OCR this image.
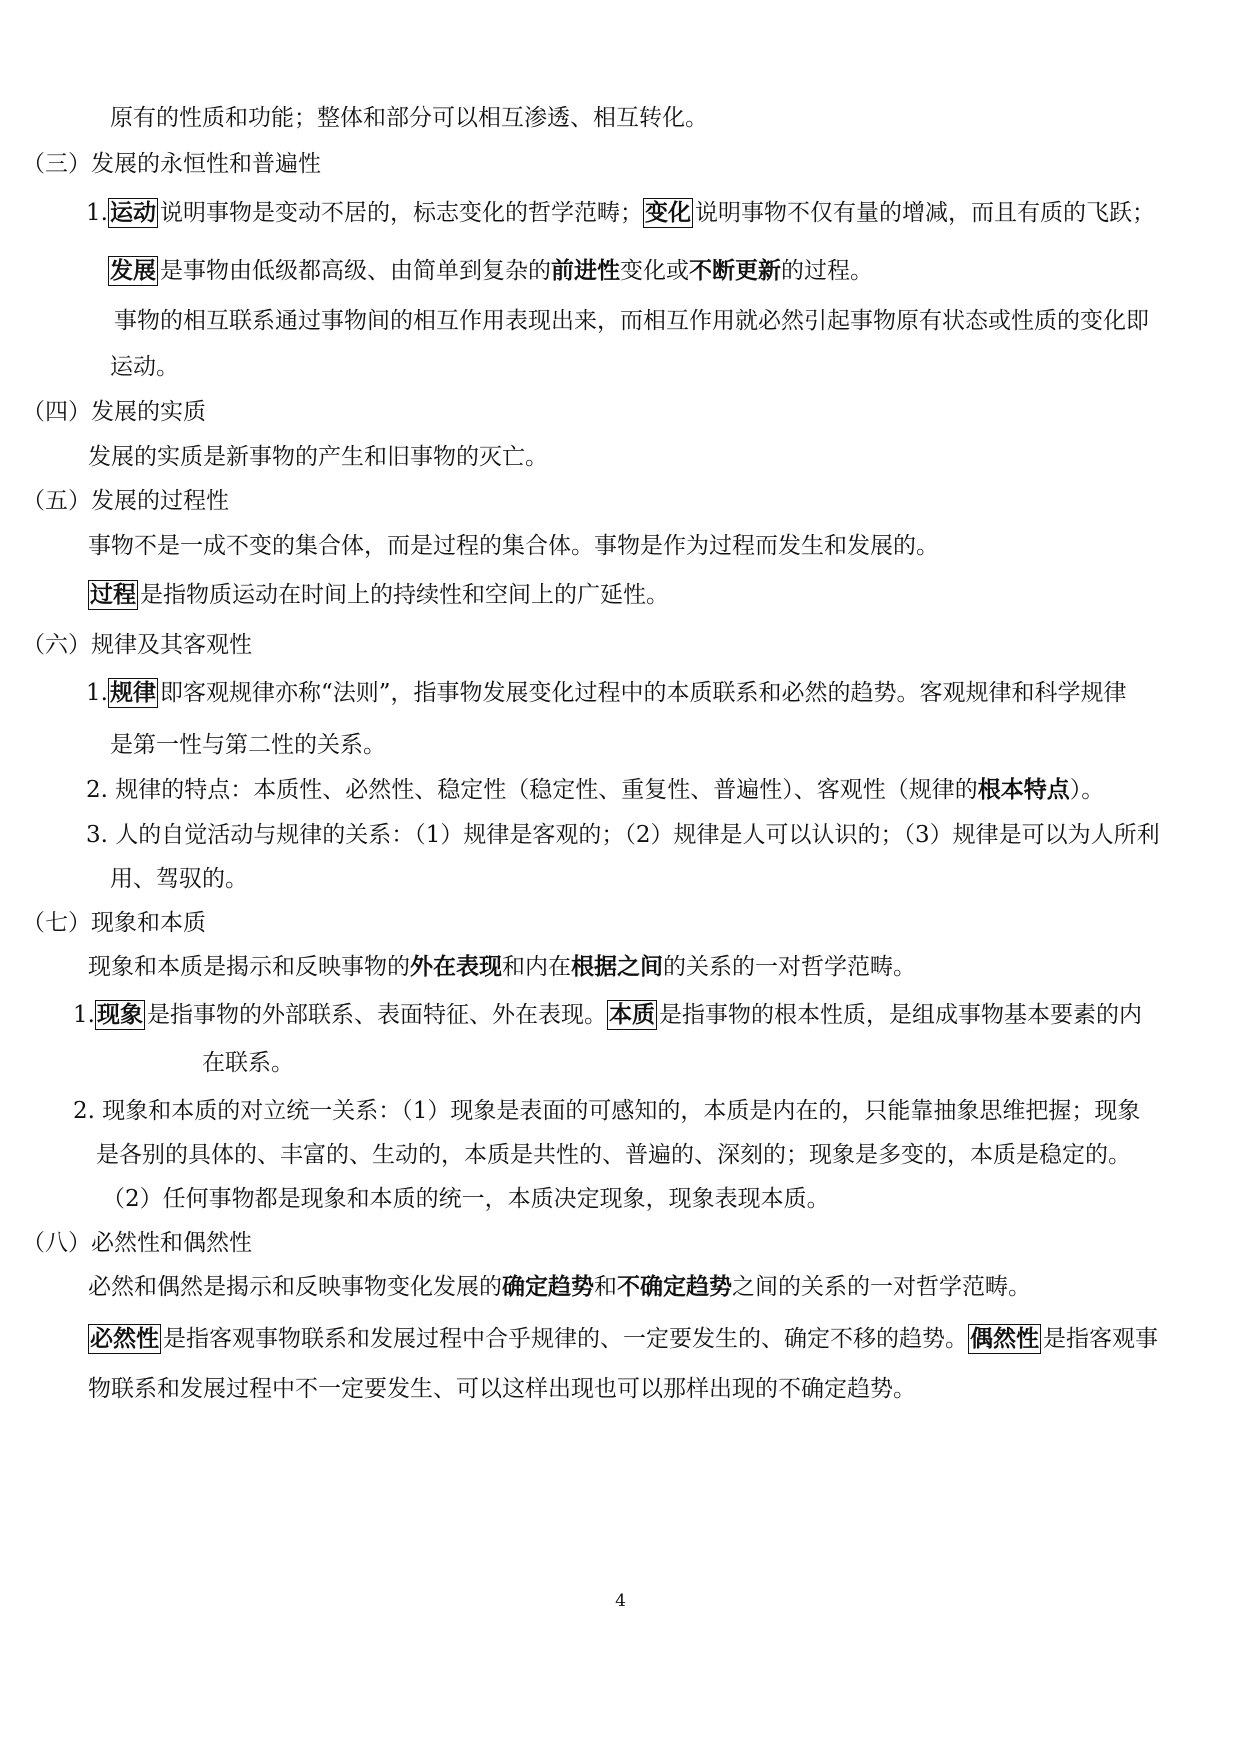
原有的性质和功能；整体和部分可以相互渗透、相互转化。
（三）发展的永恒性和普遍性
1.运动 说明事物是变动不居的，标志变化的哲学范畴；变化 说明事物不仅有量的增减，而且有质的飞跃；
发展 是事物由低级都高级、由简单到复杂的前进性变化或不断更新的过程。
事物的相互联系通过事物间的相互作用表现出来，而相互作用就必然引起事物原有状态或性质的变化即
运动。
（四）发展的实质
发展的实质是新事物的产生和旧事物的灭亡。
（五）发展的过程性
事物不是一成不变的集合体，而是过程的集合体。事物是作为过程而发生和发展的。
过程 是指物质运动在时间上的持续性和空间上的广延性。
（六）规律及其客观性
1.规律 即客观规律亦称“法则”，指事物发展变化过程中的本质联系和必然的趋势。客观规律和科学规律
是第一性与第二性的关系。
2. 规律的特点：本质性、必然性、稳定性（稳定性、重复性、普遍性）、客观性（规律的根本特点）。
3. 人的自觉活动与规律的关系：（1）规律是客观的；（2）规律是人可以认识的；（3）规律是可以为人所利
用、驾驭的。
（七）现象和本质
现象和本质是揭示和反映事物的外在表现和内在根据之间的关系的一对哲学范畴。
1.现象 是指事物的外部联系、表面特征、外在表现。本质 是指事物的根本性质，是组成事物基本要素的内
在联系。
2. 现象和本质的对立统一关系：（1）现象是表面的可感知的，本质是内在的，只能靠抽象思维把握；现象
是各别的具体的、丰富的、生动的，本质是共性的、普遍的、深刻的；现象是多变的，本质是稳定的。
（2）任何事物都是现象和本质的统一，本质决定现象，现象表现本质。
（八）必然性和偶然性
必然和偶然是揭示和反映事物变化发展的确定趋势和不确定趋势之间的关系的一对哲学范畴。
必然性 是指客观事物联系和发展过程中合乎规律的、一定要发生的、确定不移的趋势。偶然性 是指客观事
物联系和发展过程中不一定要发生、可以这样出现也可以那样出现的不确定趋势。
4
